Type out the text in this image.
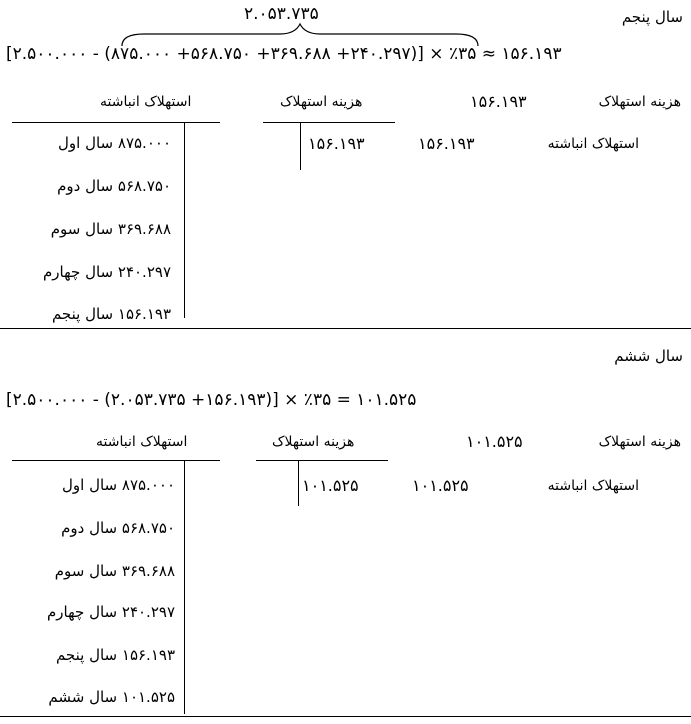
سال پنجم
۲.۰۵۳.۷۳۵
[۲.۵۰۰.۰۰۰ - (۸۷۵.۰۰۰ +۵۶۸.۷۵۰ +۳۶۹.۶۸۸ +۲۴۰.۲۹۷)] × ٪۳۵ ≈ ۱۵۶.۱۹۳
هزینه استهلاک
۱۵۶.۱۹۳
هزینه استهلاک
استهلاک انباشته
۱۵۶.۱۹۳	۱۵۶.۱۹۳	استهلاک انباشته
۸۷۵.۰۰۰ سال اول
۵۶۸.۷۵۰ سال دوم
۳۶۹.۶۸۸ سال سوم
۲۴۰.۲۹۷ سال چهارم
۱۵۶.۱۹۳ سال پنجم
سال ششم
[۲.۵۰۰.۰۰۰ - (۲.۰۵۳.۷۳۵ +۱۵۶.۱۹۳)] × ٪۳۵ = ۱۰۱.۵۲۵
هزینه استهلاک
۱۰۱.۵۲۵
هزینه استهلاک
استهلاک انباشته
۱۰۱.۵۲۵	۱۰۱.۵۲۵	استهلاک انباشته
۸۷۵.۰۰۰ سال اول
۵۶۸.۷۵۰ سال دوم
۳۶۹.۶۸۸ سال سوم
۲۴۰.۲۹۷ سال چهارم
۱۵۶.۱۹۳ سال پنجم
۱۰۱.۵۲۵ سال ششم
